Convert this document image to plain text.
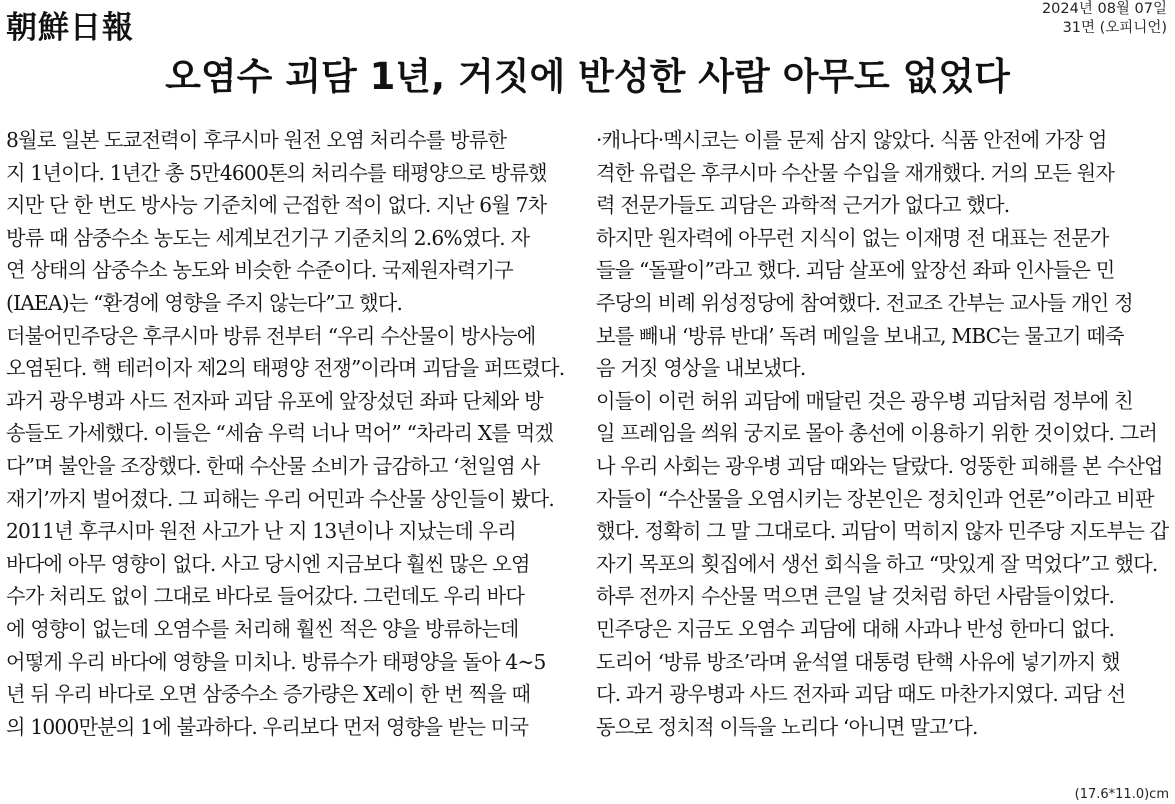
朝鮮日報
2024년 08월 07일
31면 (오피니언)
오염수 괴담 1년, 거짓에 반성한 사람 아무도 없었다
8월로 일본 도쿄전력이 후쿠시마 원전 오염 처리수를 방류한
지 1년이다. 1년간 총 5만4600톤의 처리수를 태평양으로 방류했
지만 단 한 번도 방사능 기준치에 근접한 적이 없다. 지난 6월 7차
방류 때 삼중수소 농도는 세계보건기구 기준치의 2.6%였다. 자
연 상태의 삼중수소 농도와 비슷한 수준이다. 국제원자력기구
(IAEA)는 “환경에 영향을 주지 않는다”고 했다.
더불어민주당은 후쿠시마 방류 전부터 “우리 수산물이 방사능에
오염된다. 핵 테러이자 제2의 태평양 전쟁”이라며 괴담을 퍼뜨렸다.
과거 광우병과 사드 전자파 괴담 유포에 앞장섰던 좌파 단체와 방
송들도 가세했다. 이들은 “세슘 우럭 너나 먹어” “차라리 X를 먹겠
다”며 불안을 조장했다. 한때 수산물 소비가 급감하고 ‘천일염 사
재기’까지 벌어졌다. 그 피해는 우리 어민과 수산물 상인들이 봤다.
2011년 후쿠시마 원전 사고가 난 지 13년이나 지났는데 우리
바다에 아무 영향이 없다. 사고 당시엔 지금보다 훨씬 많은 오염
수가 처리도 없이 그대로 바다로 들어갔다. 그런데도 우리 바다
에 영향이 없는데 오염수를 처리해 훨씬 적은 양을 방류하는데
어떻게 우리 바다에 영향을 미치나. 방류수가 태평양을 돌아 4~5
년 뒤 우리 바다로 오면 삼중수소 증가량은 X레이 한 번 찍을 때
의 1000만분의 1에 불과하다. 우리보다 먼저 영향을 받는 미국
·캐나다·멕시코는 이를 문제 삼지 않았다. 식품 안전에 가장 엄
격한 유럽은 후쿠시마 수산물 수입을 재개했다. 거의 모든 원자
력 전문가들도 괴담은 과학적 근거가 없다고 했다.
하지만 원자력에 아무런 지식이 없는 이재명 전 대표는 전문가
들을 “돌팔이”라고 했다. 괴담 살포에 앞장선 좌파 인사들은 민
주당의 비례 위성정당에 참여했다. 전교조 간부는 교사들 개인 정
보를 빼내 ‘방류 반대’ 독려 메일을 보내고, MBC는 물고기 떼죽
음 거짓 영상을 내보냈다.
이들이 이런 허위 괴담에 매달린 것은 광우병 괴담처럼 정부에 친
일 프레임을 씌워 궁지로 몰아 총선에 이용하기 위한 것이었다. 그러
나 우리 사회는 광우병 괴담 때와는 달랐다. 엉뚱한 피해를 본 수산업
자들이 “수산물을 오염시키는 장본인은 정치인과 언론”이라고 비판
했다. 정확히 그 말 그대로다. 괴담이 먹히지 않자 민주당 지도부는 갑
자기 목포의 횟집에서 생선 회식을 하고 “맛있게 잘 먹었다”고 했다.
하루 전까지 수산물 먹으면 큰일 날 것처럼 하던 사람들이었다.
민주당은 지금도 오염수 괴담에 대해 사과나 반성 한마디 없다.
도리어 ‘방류 방조’라며 윤석열 대통령 탄핵 사유에 넣기까지 했
다. 과거 광우병과 사드 전자파 괴담 때도 마찬가지였다. 괴담 선
동으로 정치적 이득을 노리다 ‘아니면 말고’다.
(17.6*11.0)cm
